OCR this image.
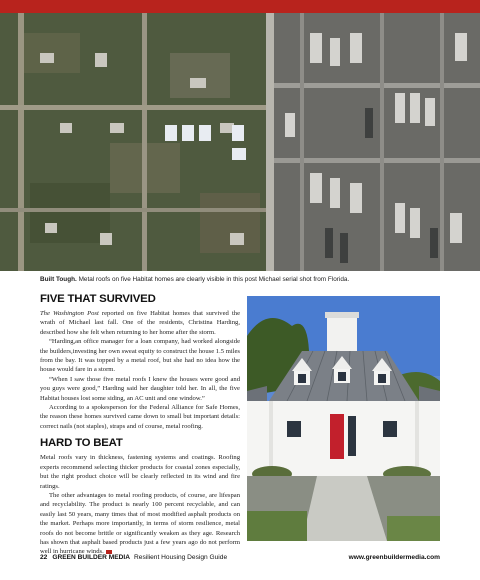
Built Tough. Metal roofs on five Habitat homes are clearly visible in this post Michael serial shot from Florida.
FIVE THAT SURVIVED

The Washington Post reported on five Habitat homes that survived the wrath of Michael last fall. One of the residents, Christina Harding, described how she felt when returning to her home after the storm.

“Harding,an office manager for a loan company, had worked alongside the builders,investing her own sweat equity to construct the house 1.5 miles from the bay. It was topped by a metal roof, but she had no idea how the house would fare in a storm.

“When I saw those five metal roofs I knew the houses were good and you guys were good,” Harding said her daughter told her. In all, the five Habitat houses lost some siding, an AC unit and one window.”

According to a spokesperson for the Federal Alliance for Safe Homes, the reason these homes survived came down to small but important details: correct nails (not staples), straps and of course, metal roofing.

HARD TO BEAT

Metal roofs vary in thickness, fastening systems and coatings. Roofing experts recommend selecting thicker products for coastal zones especially, but the right product choice will be clearly reflected in its wind and fire ratings.

The other advantages to metal roofing products, of course, are lifespan and recyclability. The product is nearly 100 percent recyclable, and can easily last 50 years, many times that of most modified asphalt products on the market. Perhaps more importantly, in terms of storm resilience, metal roofs do not become brittle or significantly weaken as they age. Research has shown that asphalt based products just a few years ago do not perform well in hurricane winds.

22 GREEN BUILDER MEDIA Resilient Housing Design Guide	www.greenbuildermedia.com
